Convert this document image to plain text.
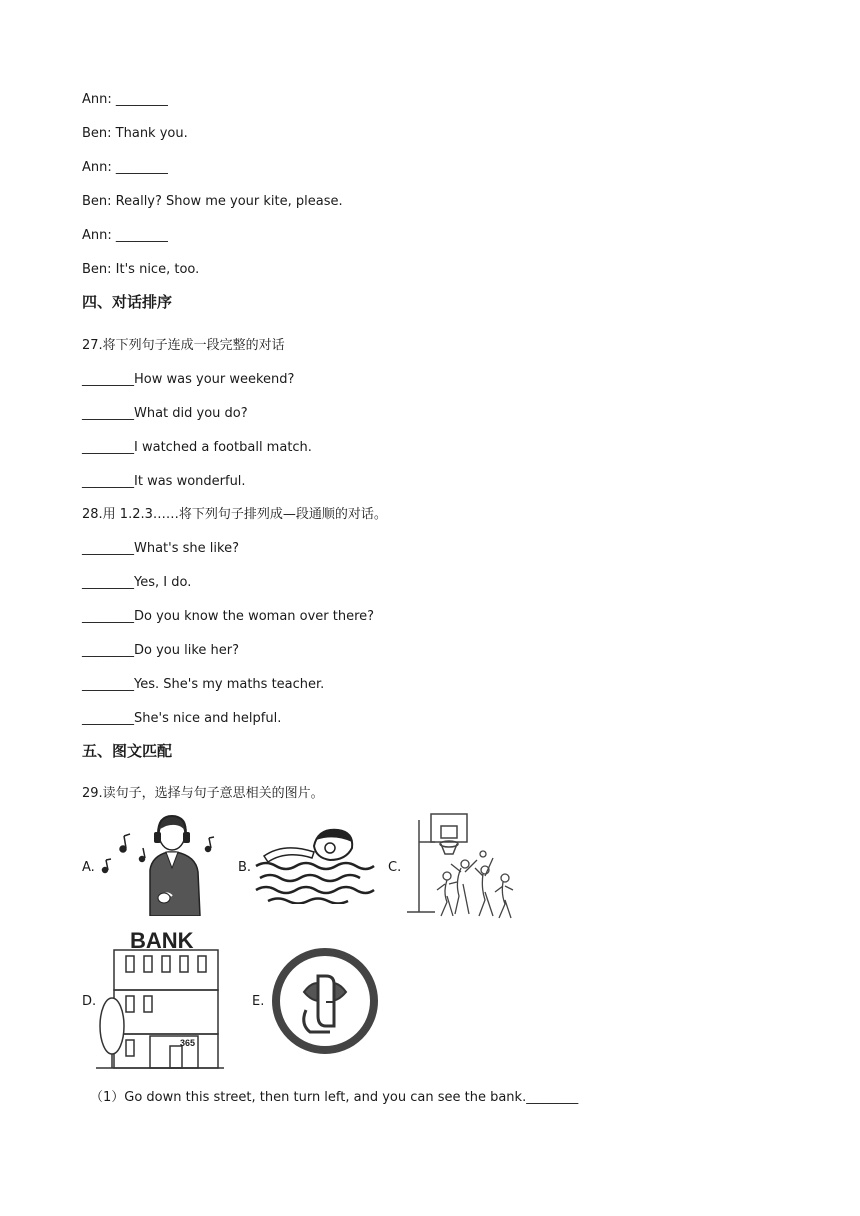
Ann: ________
Ben: Thank you.
Ann: ________
Ben: Really? Show me your kite, please.
Ann: ________
Ben: It's nice, too.
四、对话排序
27.将下列句子连成一段完整的对话
________How was your weekend?
________What did you do?
________I watched a football match.
________It was wonderful.
28.用 1.2.3……将下列句子排列成—段通顺的对话。
________What's she like?
________Yes, I do.
________Do you know the woman over there?
________Do you like her?
________Yes. She's my maths teacher.
________She's nice and helpful.
五、图文匹配
29.读句子，选择与句子意思相关的图片。
A.	B.	C.
D.
BANK
365
E.
（1）Go down this street, then turn left, and you can see the bank.________
